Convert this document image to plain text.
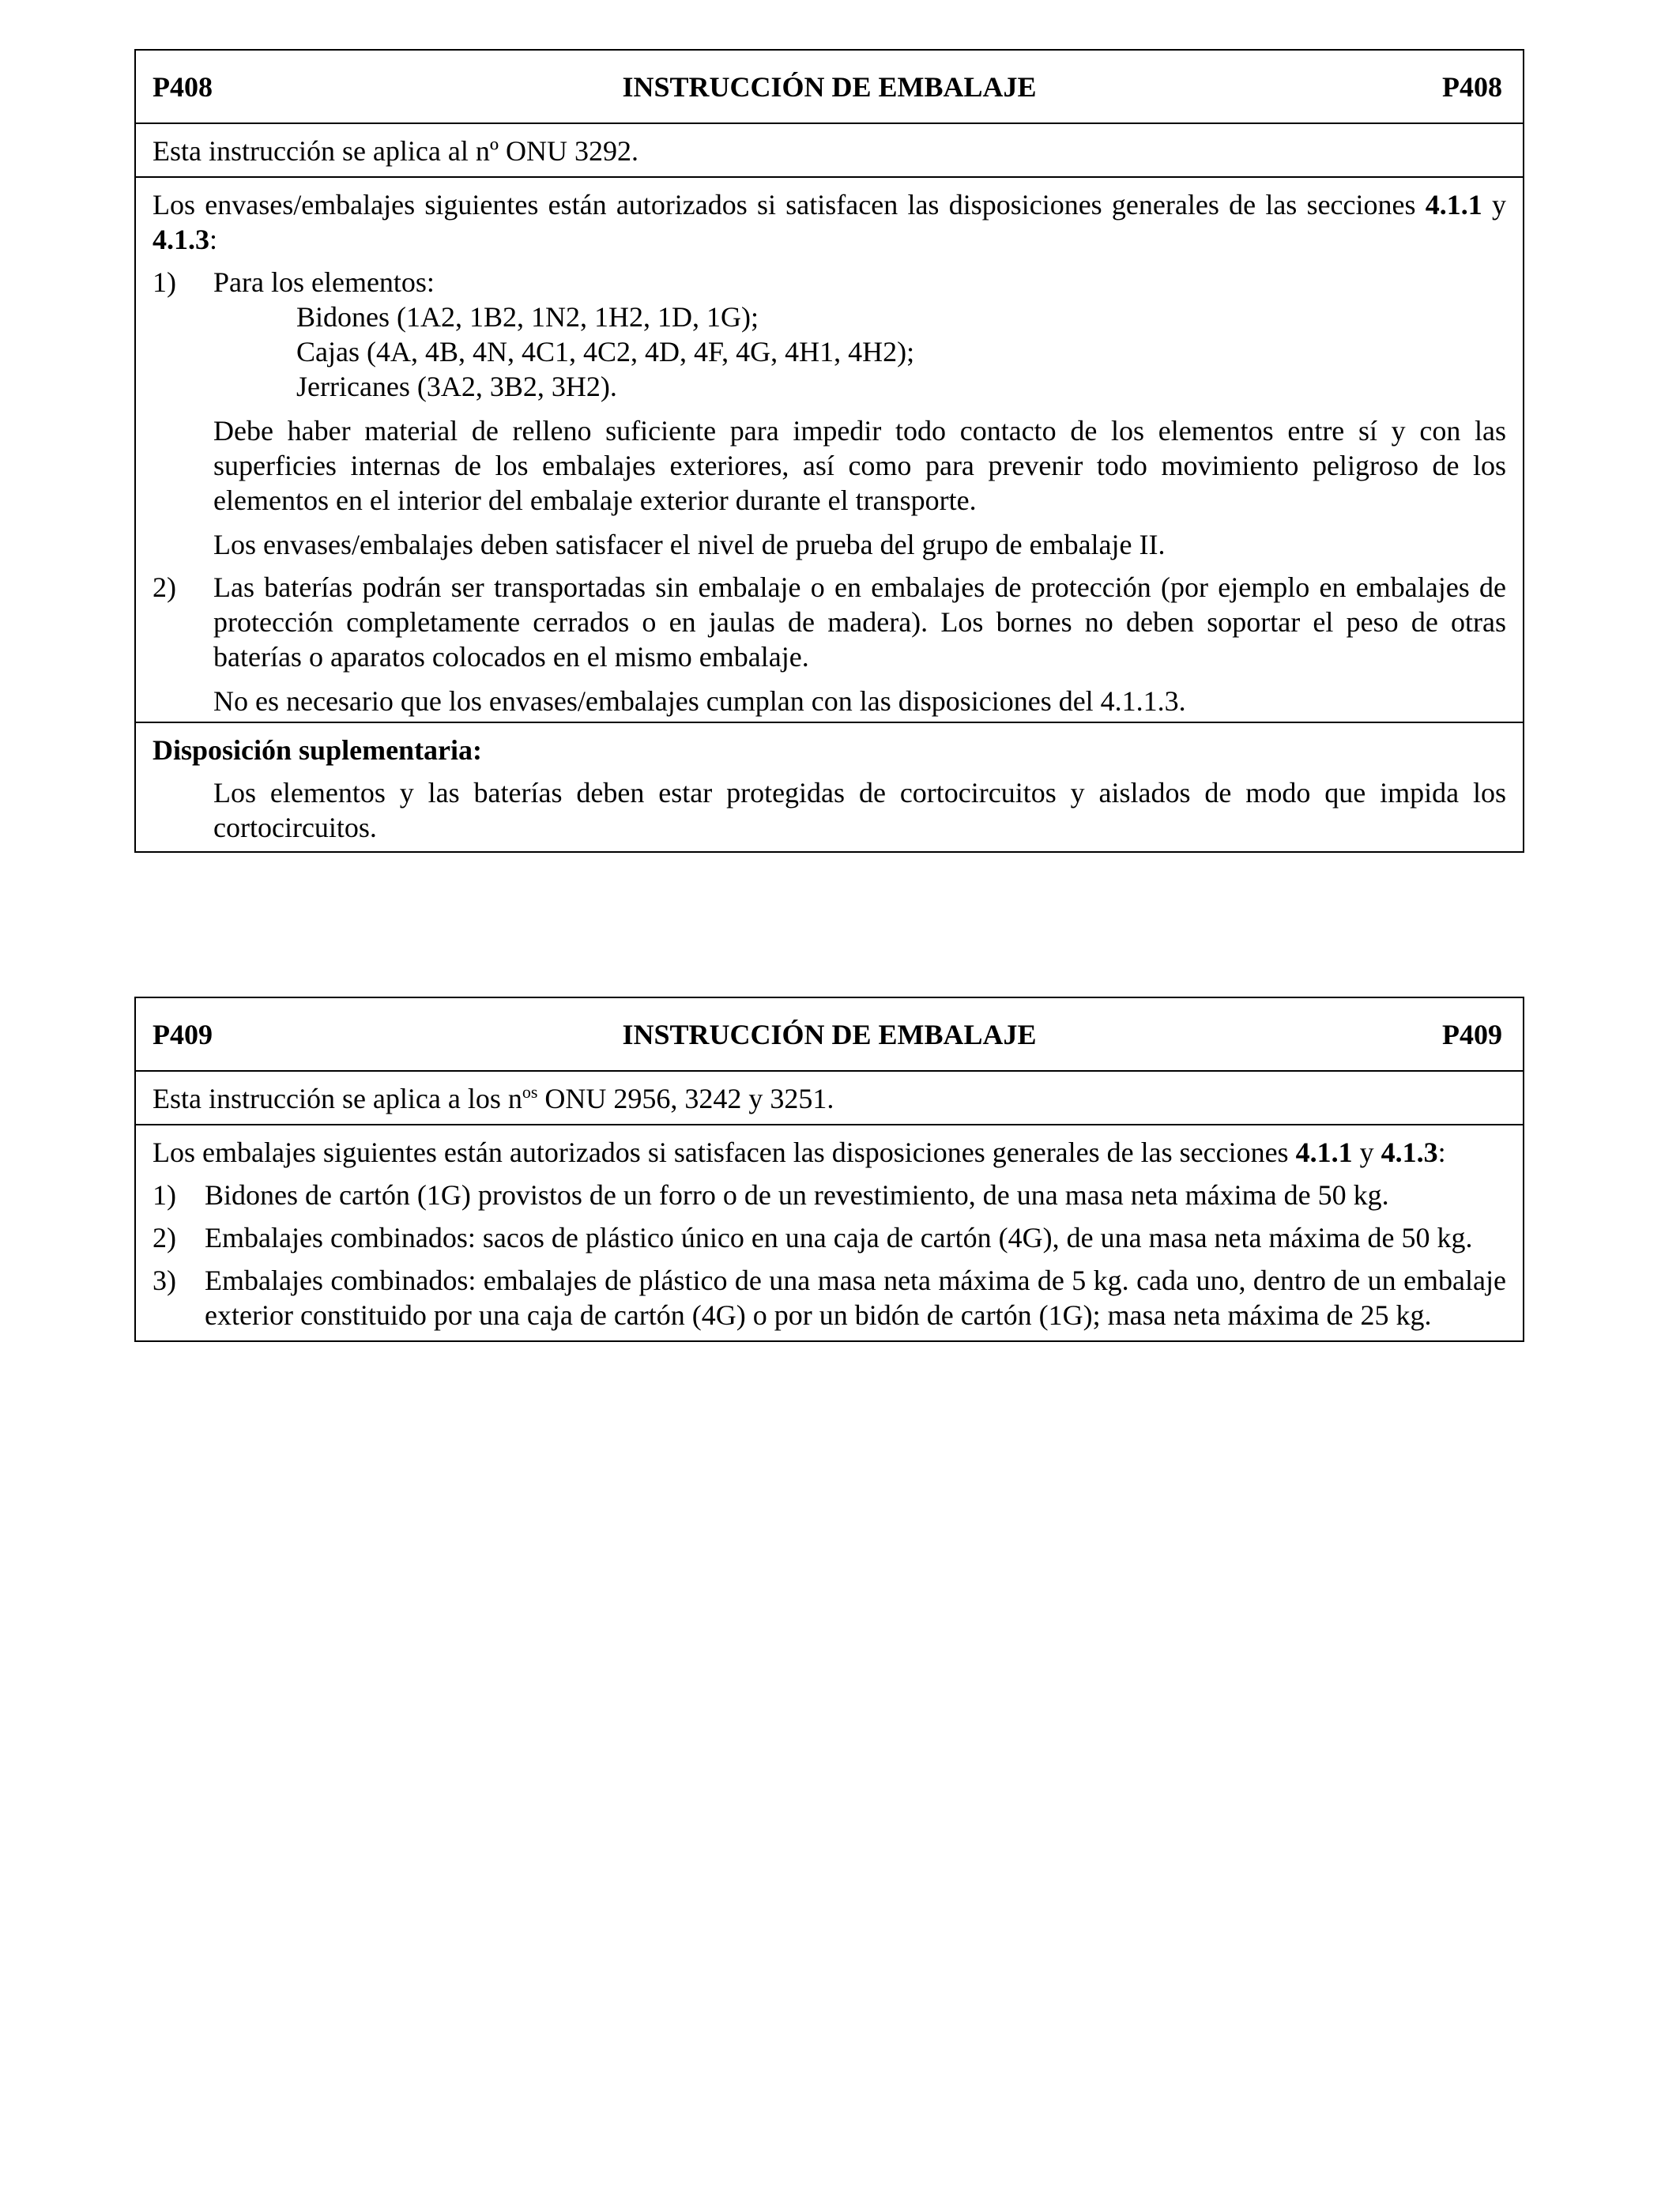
P408	INSTRUCCIÓN DE EMBALAJE	P408
Esta instrucción se aplica al nº ONU 3292.
Los envases/embalajes siguientes están autorizados si satisfacen las disposiciones generales de las secciones 4.1.1 y 4.1.3:
1) Para los elementos:
Bidones (1A2, 1B2, 1N2, 1H2, 1D, 1G);
Cajas (4A, 4B, 4N, 4C1, 4C2, 4D, 4F, 4G, 4H1, 4H2);
Jerricanes (3A2, 3B2, 3H2).
Debe haber material de relleno suficiente para impedir todo contacto de los elementos entre sí y con las superficies internas de los embalajes exteriores, así como para prevenir todo movimiento peligroso de los elementos en el interior del embalaje exterior durante el transporte.
Los envases/embalajes deben satisfacer el nivel de prueba del grupo de embalaje II.
2) Las baterías podrán ser transportadas sin embalaje o en embalajes de protección (por ejemplo en embalajes de protección completamente cerrados o en jaulas de madera). Los bornes no deben soportar el peso de otras baterías o aparatos colocados en el mismo embalaje.
No es necesario que los envases/embalajes cumplan con las disposiciones del 4.1.1.3.
Disposición suplementaria:
Los elementos y las baterías deben estar protegidas de cortocircuitos y aislados de modo que impida los cortocircuitos.
P409	INSTRUCCIÓN DE EMBALAJE	P409
Esta instrucción se aplica a los $n^{os}$ ONU 2956, 3242 y 3251.
Los embalajes siguientes están autorizados si satisfacen las disposiciones generales de las secciones 4.1.1 y 4.1.3:
1) Bidones de cartón (1G) provistos de un forro o de un revestimiento, de una masa neta máxima de 50 kg.
2) Embalajes combinados: sacos de plástico único en una caja de cartón (4G), de una masa neta máxima de 50 kg.
3) Embalajes combinados: embalajes de plástico de una masa neta máxima de 5 kg. cada uno, dentro de un embalaje exterior constituido por una caja de cartón (4G) o por un bidón de cartón (1G); masa neta máxima de 25 kg.
